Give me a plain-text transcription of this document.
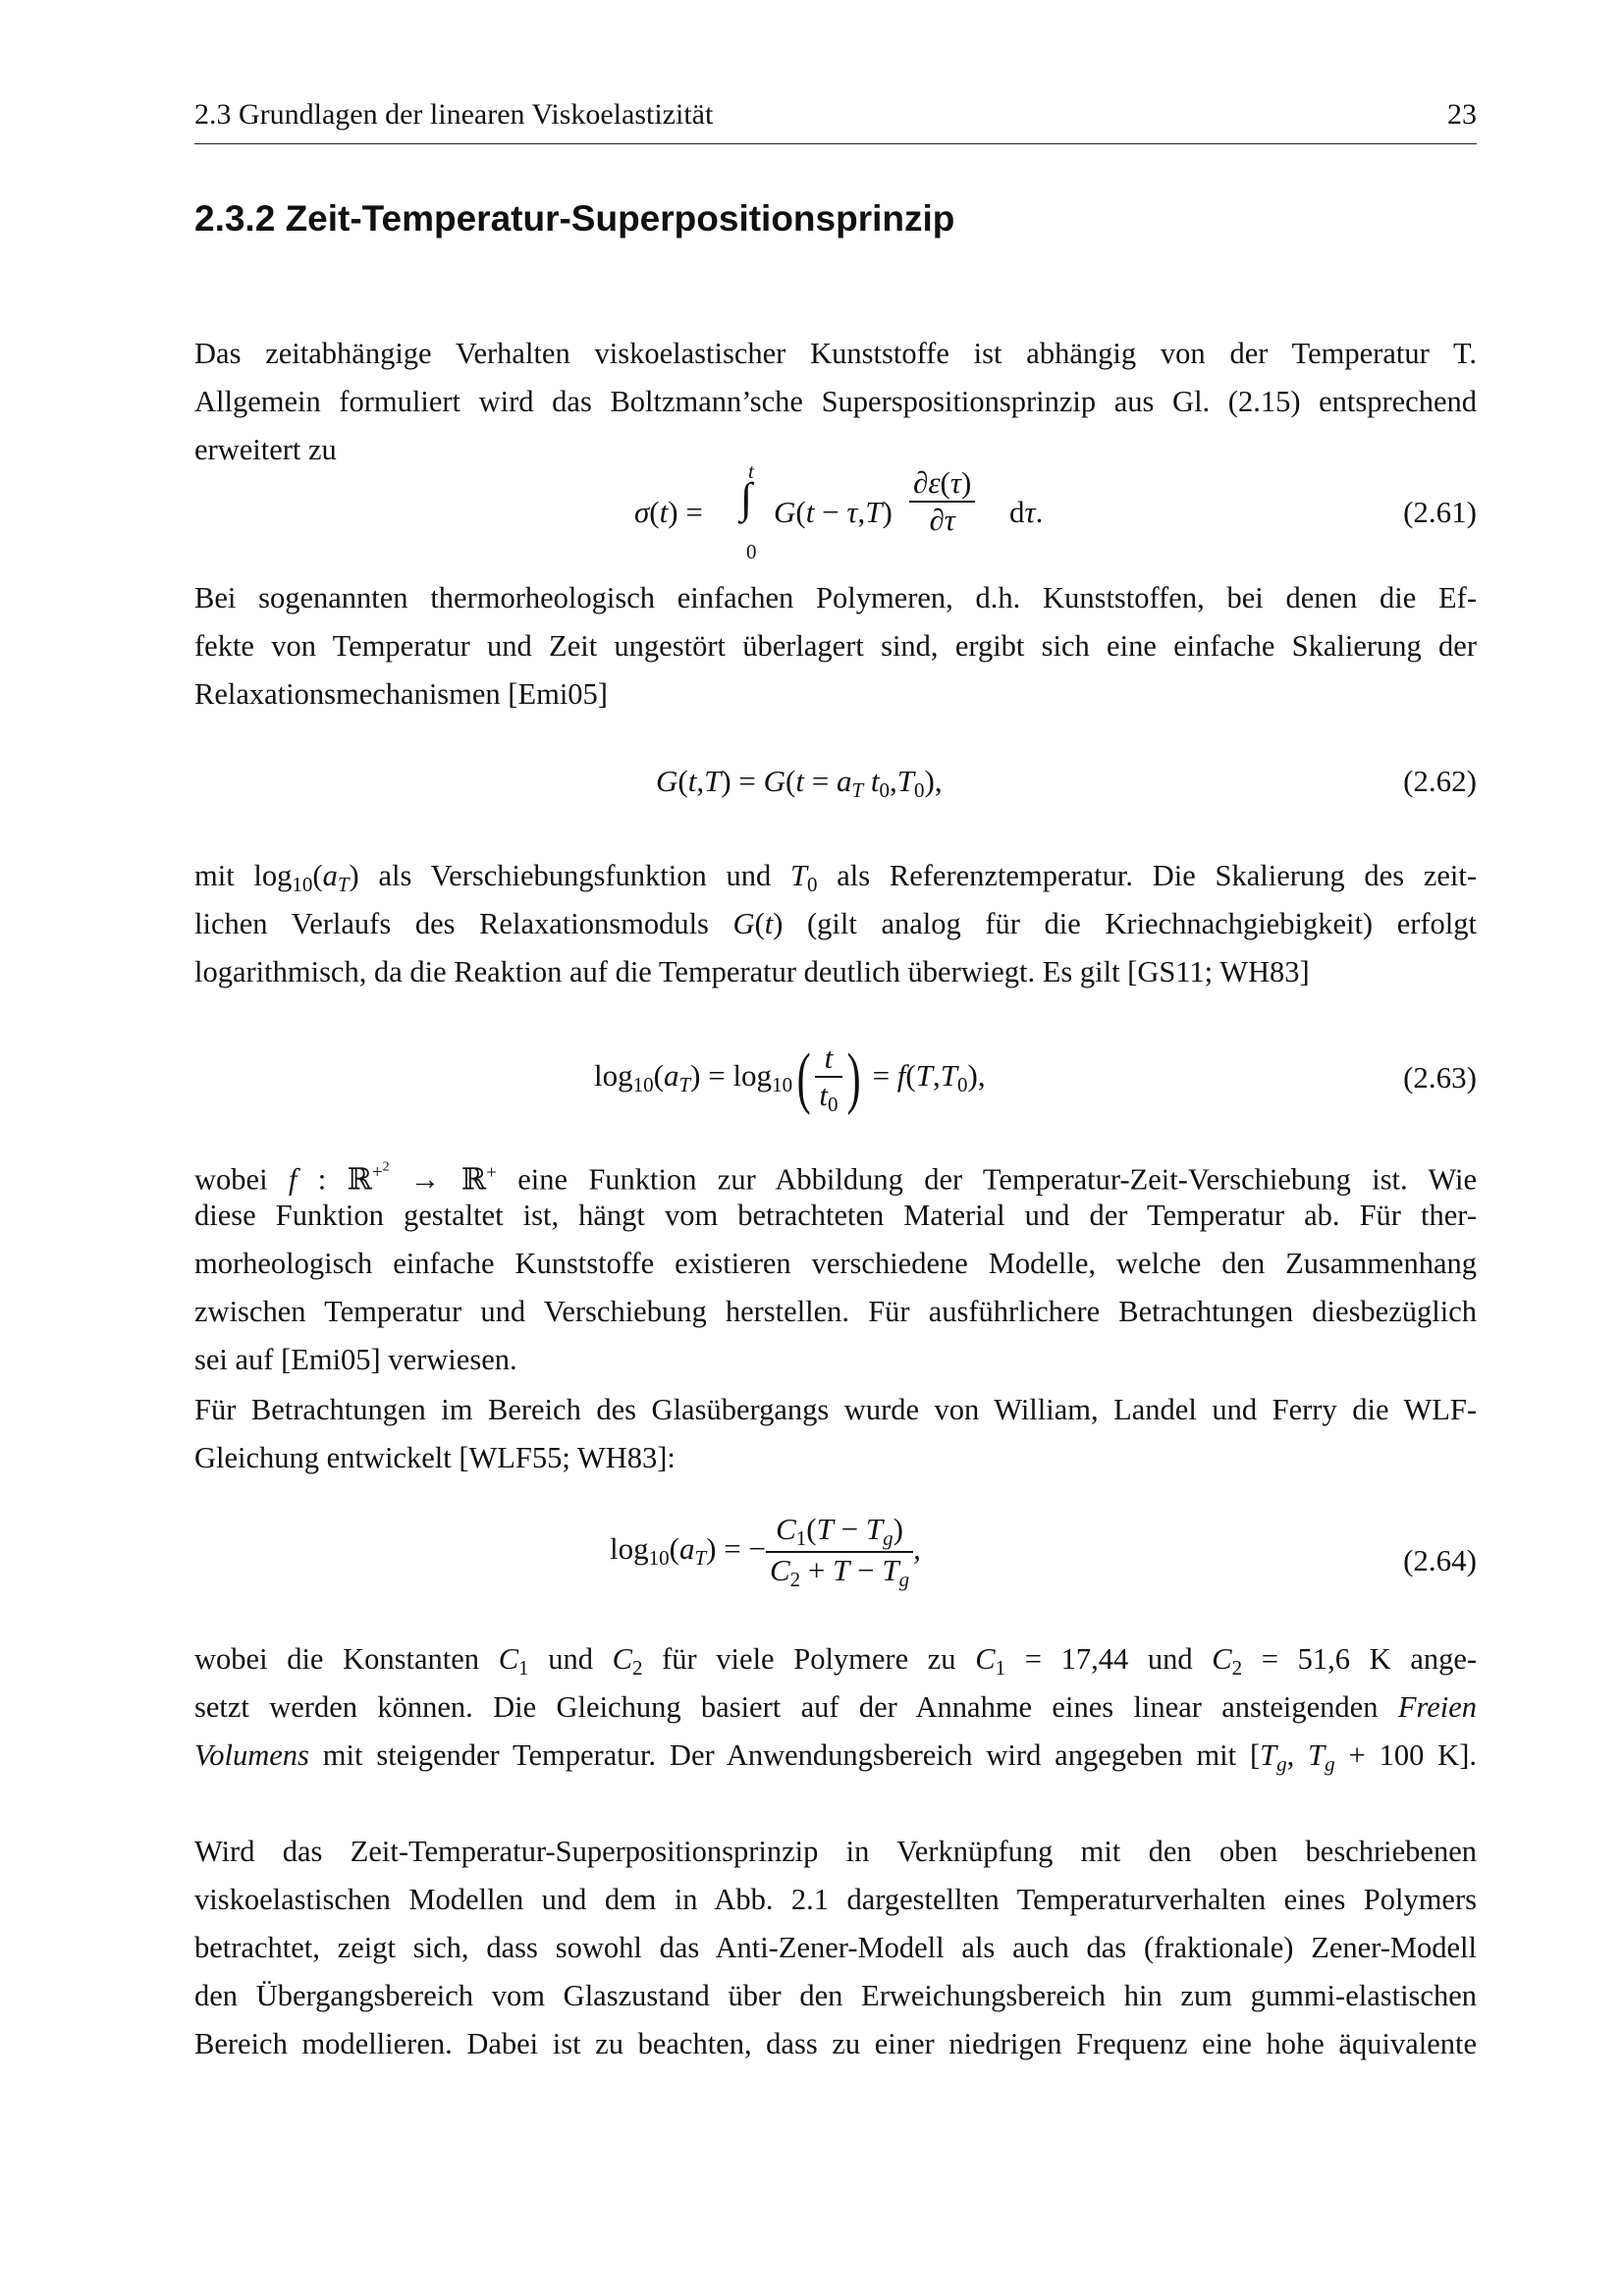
2.3 Grundlagen der linearen Viskoelastizität	23
2.3.2 Zeit-Temperatur-Superpositionsprinzip
Das zeitabhängige Verhalten viskoelastischer Kunststoffe ist abhängig von der Temperatur T.
Allgemein formuliert wird das Boltzmann’sche Superspositionsprinzip aus Gl. (2.15) entsprechend
erweitert zu
σ(t) =
t
∫
0
$G(t - \tau,T) \frac{\partial\varepsilon(\tau)}{\partial\tau} d\tau$.	(2.61)
Bei sogenannten thermorheologisch einfachen Polymeren, d.h. Kunststoffen, bei denen die Ef-
fekte von Temperatur und Zeit ungestört überlagert sind, ergibt sich eine einfache Skalierung der
Relaxationsmechanismen [Emi05]
$G(t,T) = G(t = a_T$ $t_0,T_0$),	(2.62)
mit $\log_{10}(a_T)$ als Verschiebungsfunktion und $T_0$ als Referenztemperatur. Die Skalierung des zeit-
lichen Verlaufs des Relaxationsmoduls G(t) (gilt analog für die Kriechnachgiebigkeit) erfolgt
logarithmisch, da die Reaktion auf die Temperatur deutlich überwiegt. Es gilt [GS11; WH83]
$\log_{10}(a_T) = \log_{10}( \frac{t}{t_0}$ ) = $f(T,T_0)$,	(2.63)
wobei f : ℝ$^{+^2}$ → ℝ+ eine Funktion zur Abbildung der Temperatur-Zeit-Verschiebung ist. Wie
diese Funktion gestaltet ist, hängt vom betrachteten Material und der Temperatur ab. Für ther-
morheologisch einfache Kunststoffe existieren verschiedene Modelle, welche den Zusammenhang
zwischen Temperatur und Verschiebung herstellen. Für ausführlichere Betrachtungen diesbezüglich
sei auf [Emi05] verwiesen.
Für Betrachtungen im Bereich des Glasübergangs wurde von William, Landel und Ferry die WLF-
Gleichung entwickelt [WLF55; WH83]:
$\log_{10}(a_T)$ = − $\frac{C_1(T - T_g)}{C_2 + T - T_g}$ ,	(2.64)
wobei die Konstanten $C_1$ und $C_2$ für viele Polymere zu $C_1 = 17,44$ und $C_2 = 51,6$ K ange-
setzt werden können. Die Gleichung basiert auf der Annahme eines linear ansteigenden Freien
Volumens mit steigender Temperatur. Der Anwendungsbereich wird angegeben mit [$T_g$, $T_g + 100$ K].
Wird das Zeit-Temperatur-Superpositionsprinzip in Verknüpfung mit den oben beschriebenen
viskoelastischen Modellen und dem in Abb. 2.1 dargestellten Temperaturverhalten eines Polymers
betrachtet, zeigt sich, dass sowohl das Anti-Zener-Modell als auch das (fraktionale) Zener-Modell
den Übergangsbereich vom Glaszustand über den Erweichungsbereich hin zum gummi-elastischen
Bereich modellieren. Dabei ist zu beachten, dass zu einer niedrigen Frequenz eine hohe äquivalente
